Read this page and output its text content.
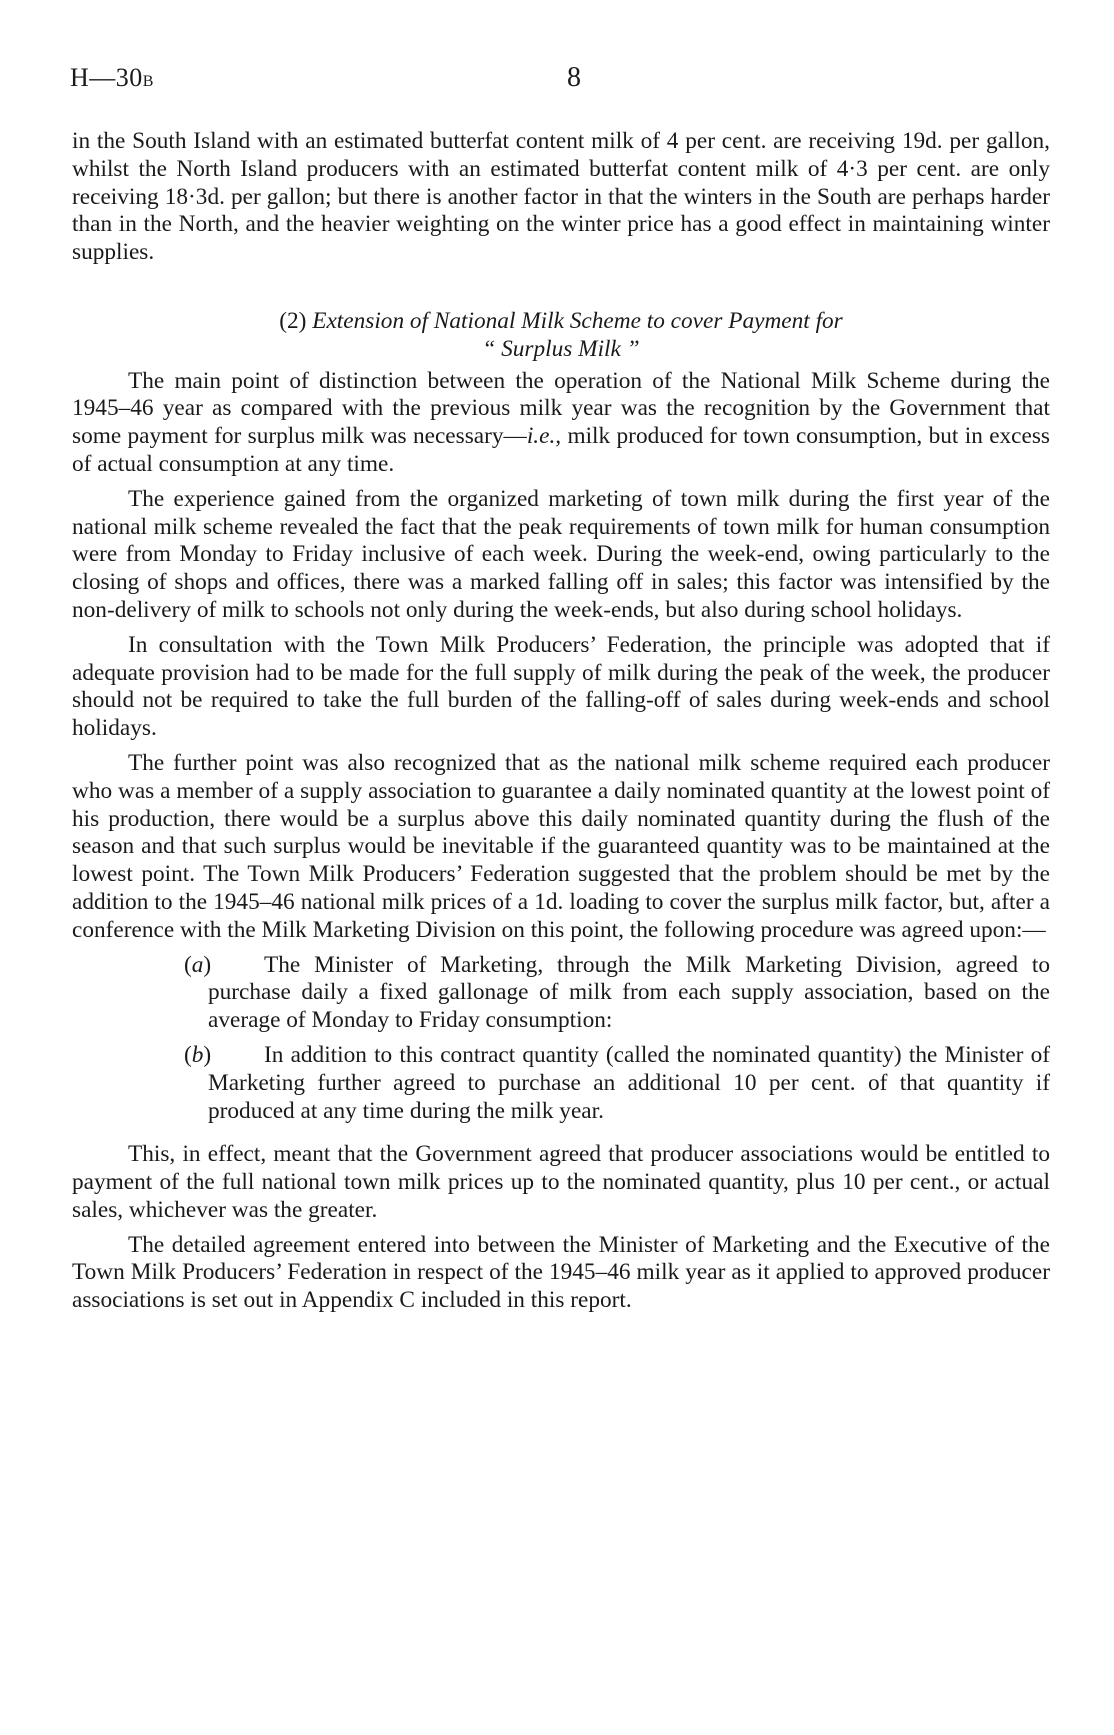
H—30B	8

in the South Island with an estimated butterfat content milk of 4 per cent. are receiving 19d. per gallon, whilst the North Island producers with an estimated butterfat content milk of 4·3 per cent. are only receiving 18·3d. per gallon; but there is another factor in that the winters in the South are perhaps harder than in the North, and the heavier weighting on the winter price has a good effect in maintaining winter supplies.

(2) Extension of National Milk Scheme to cover Payment for
“ Surplus Milk ”

The main point of distinction between the operation of the National Milk Scheme during the 1945–46 year as compared with the previous milk year was the recognition by the Government that some payment for surplus milk was necessary—i.e., milk produced for town consumption, but in excess of actual consumption at any time.

The experience gained from the organized marketing of town milk during the first year of the national milk scheme revealed the fact that the peak requirements of town milk for human consumption were from Monday to Friday inclusive of each week. During the week-end, owing particularly to the closing of shops and offices, there was a marked falling off in sales; this factor was intensified by the non-delivery of milk to schools not only during the week-ends, but also during school holidays.

In consultation with the Town Milk Producers’ Federation, the principle was adopted that if adequate provision had to be made for the full supply of milk during the peak of the week, the producer should not be required to take the full burden of the falling-off of sales during week-ends and school holidays.

The further point was also recognized that as the national milk scheme required each producer who was a member of a supply association to guarantee a daily nominated quantity at the lowest point of his production, there would be a surplus above this daily nominated quantity during the flush of the season and that such surplus would be inevitable if the guaranteed quantity was to be maintained at the lowest point. The Town Milk Producers’ Federation suggested that the problem should be met by the addition to the 1945–46 national milk prices of a 1d. loading to cover the surplus milk factor, but, after a conference with the Milk Marketing Division on this point, the following procedure was agreed upon:—

(a) The Minister of Marketing, through the Milk Marketing Division, agreed to purchase daily a fixed gallonage of milk from each supply association, based on the average of Monday to Friday consumption:

(b) In addition to this contract quantity (called the nominated quantity) the Minister of Marketing further agreed to purchase an additional 10 per cent. of that quantity if produced at any time during the milk year.

This, in effect, meant that the Government agreed that producer associations would be entitled to payment of the full national town milk prices up to the nominated quantity, plus 10 per cent., or actual sales, whichever was the greater.

The detailed agreement entered into between the Minister of Marketing and the Executive of the Town Milk Producers’ Federation in respect of the 1945–46 milk year as it applied to approved producer associations is set out in Appendix C included in this report.
